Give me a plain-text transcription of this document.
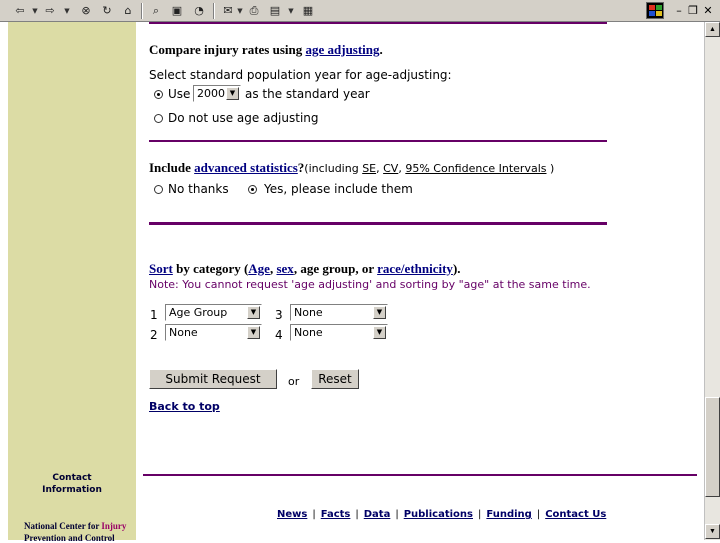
⇦	▼ ⇨	▼	⊗	↻	⌂	⌕	▣ ◔	✉ ▼ ⎙	▤	▼ ▦	– ❐ ✕
Contact
Information
National Center for Injury
Prevention and Control
▲
▼
Compare injury rates using age adjusting.
Select standard population year for age-adjusting:
Use 2000 ▼ as the standard year
Do not use age adjusting
Include advanced statistics?(including SE, CV, 95% Confidence Intervals )
No thanks	Yes, please include them
Sort by category (Age, sex, age group, or race/ethnicity).
Note: You cannot request 'age adjusting' and sorting by "age" at the same time.
1 Age Group	▼	3 None	▼
2 None	▼	4 None	▼
Submit Request	or	Reset
Back to top
News | Facts | Data | Publications | Funding | Contact Us
